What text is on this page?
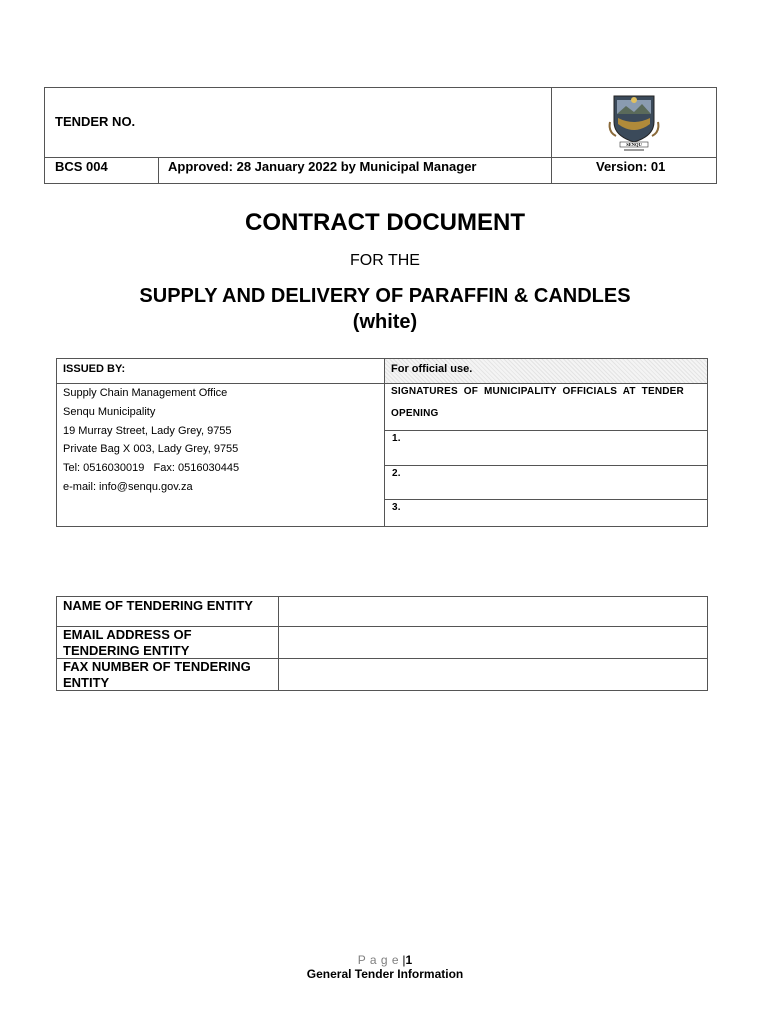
TENDER NO.
BCS 004	Approved: 28 January 2022 by Municipal Manager	Version: 01
SENQU
CONTRACT DOCUMENT
FOR THE
SUPPLY AND DELIVERY OF PARAFFIN & CANDLES
(white)
ISSUED BY:	For official use.
Supply Chain Management Office
Senqu Municipality
19 Murray Street, Lady Grey, 9755
Private Bag X 003, Lady Grey, 9755
Tel: 0516030019   Fax: 0516030445
e-mail: info@senqu.gov.za
SIGNATURES  OF  MUNICIPALITY  OFFICIALS  AT  TENDER
OPENING
1.
2.
3.
NAME OF TENDERING ENTITY
EMAIL ADDRESS OF
TENDERING ENTITY
FAX NUMBER OF TENDERING
ENTITY
P a g e |1
General Tender Information
